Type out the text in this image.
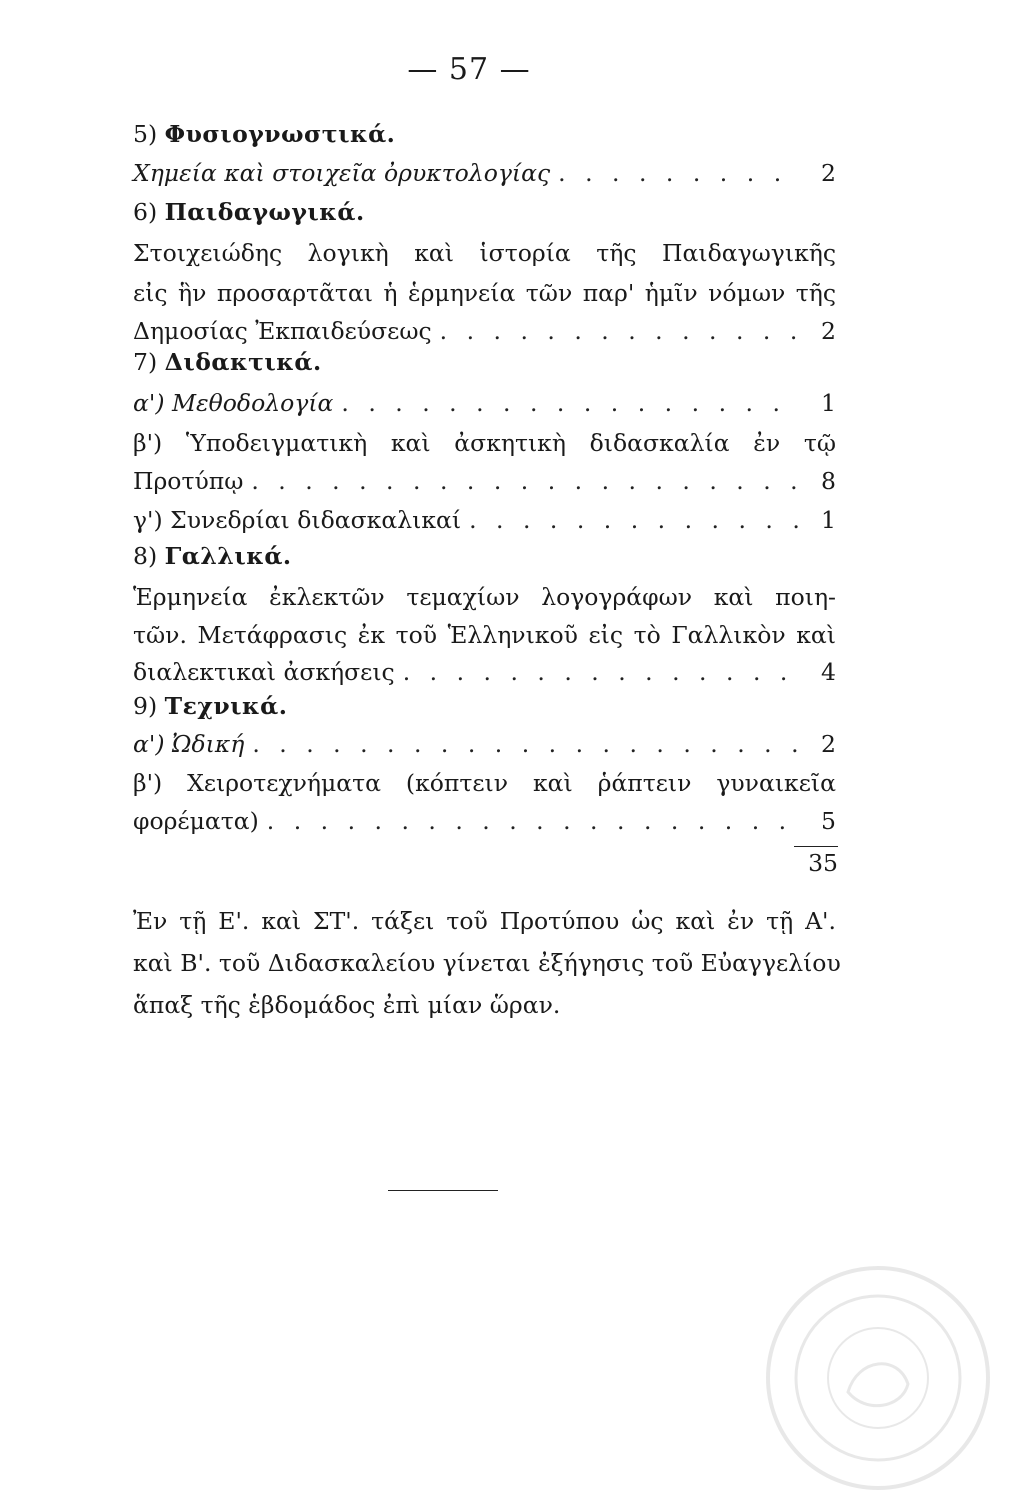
— 57 —
5) Φυσιογνωστικά.
Χημεία καὶ στοιχεῖα ὀρυκτολογίας . . .	2
6) Παιδαγωγικά.
Στοιχειώδης λογικὴ καὶ ἱστορία τῆς Παιδαγωγικῆς
εἰς ἣν προσαρτᾶται ἡ ἑρμηνεία τῶν παρ' ἡμῖν νόμων τῆς
Δημοσίας Ἐκπαιδεύσεως . . .	2
7) Διδακτικά.
α') Μεθοδολογία . . .	1
β') Ὑποδειγματικὴ καὶ ἀσκητικὴ διδασκαλία ἐν τῷ
Προτύπῳ . . .	8
γ') Συνεδρίαι διδασκαλικαί . . .	1
8) Γαλλικά.
Ἑρμηνεία ἐκλεκτῶν τεμαχίων λογογράφων καὶ ποιη-
τῶν. Μετάφρασις ἐκ τοῦ Ἑλληνικοῦ εἰς τὸ Γαλλικὸν καὶ
διαλεκτικαὶ ἀσκήσεις . . .	4
9) Τεχνικά.
α') Ὠδική . . .	2
β') Χειροτεχνήματα (κόπτειν καὶ ῥάπτειν γυναικεῖα
φορέματα) . . .	5
35

Ἐν τῇ Ε'. καὶ ΣΤ'. τάξει τοῦ Προτύπου ὡς καὶ ἐν τῇ Α'.

καὶ Β'. τοῦ Διδασκαλείου γίνεται ἐξήγησις τοῦ Εὐαγγελίου

ἅπαξ τῆς ἑβδομάδος ἐπὶ μίαν ὥραν.
